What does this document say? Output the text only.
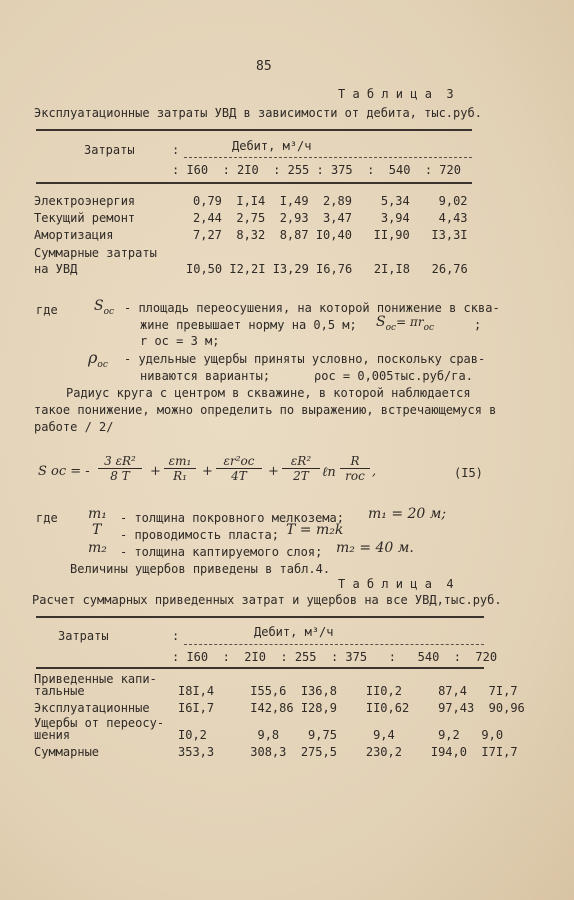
85
Т а б л и ц а  3
Эксплуатационные затраты УВД в зависимости от дебита, тыс.руб.
Затраты	:	Дебит, м³/ч
: I60  : 2I0  : 255 : 375  :  540  : 720
Электроэнергия	0,79  I,I4  I,49  2,89    5,34    9,02
Текущий ремонт	2,44  2,75  2,93  3,47    3,94    4,43
Амортизация	7,27  8,32  8,87 I0,40   II,90   I3,3I
Суммарные затраты
на УВД	I0,50 I2,2I I3,29 I6,76   2I,I8   26,76
где	$S_{ос}$ - площадь переосушения, на которой понижение в сква-
жине превышает норму на 0,5 м; $S_{ос}= \pi r_{ос}$	;
r ос = 3 м;
$\rho_{ос}$ - удельные ущербы приняты условно, поскольку срав-
ниваются варианты;	ρос = 0,005тыс.руб/га.
Радиус круга с центром в скважине, в которой наблюдается
такое понижение, можно определить по выражению, встречающемуся в
работе / 2/
S ос = - $\frac{\text{3 εR²}}{8 T} + \frac{\text{εm₁}}{\text{R₁}}$ +
εr²ос
4T	+ $\frac{\text{εR²}}{2T}$ ℓn
R
rос ,	(I5)
где m₁ - толщина покровного мелкозема; m₁ = 20 м;
T - проводимость пласта; T = m₂k
m₂ - толщина каптируемого слоя; m₂ = 40 м.
Величины ущербов приведены в табл.4.
Т а б л и ц а  4
Расчет суммарных приведенных затрат и ущербов на все УВД,тыс.руб.
Затраты	:	Дебит, м³/ч
: I60  :  2I0  : 255  : 375   :   540  :  720
Приведенные капи-
тальные	I8I,4     I55,6  I36,8    II0,2     87,4   7I,7
Эксплуатационные I6I,7     I42,86 I28,9    II0,62    97,43  90,96
Ущербы от переосу-
шения	I0,2       9,8    9,75     9,4      9,2   9,0
Суммарные	353,3     308,3  275,5    230,2    I94,0  I7I,7
